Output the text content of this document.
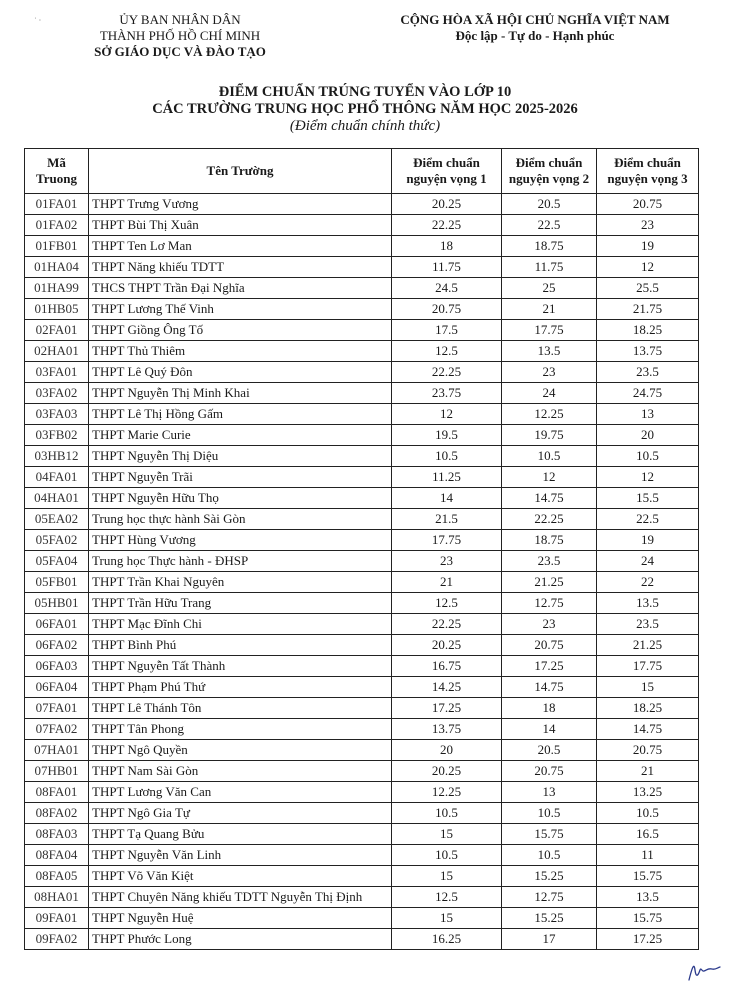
˙ ·	ỦY BAN NHÂN DÂN
THÀNH PHỐ HỒ CHÍ MINH
SỞ GIÁO DỤC VÀ ĐÀO TẠO
CỘNG HÒA XÃ HỘI CHỦ NGHĨA VIỆT NAM
Độc lập - Tự do - Hạnh phúc
ĐIỂM CHUẨN TRÚNG TUYỂN VÀO LỚP 10
CÁC TRƯỜNG TRUNG HỌC PHỔ THÔNG NĂM HỌC 2025-2026
(Điểm chuẩn chính thức)
Mã Truong	Tên Trường	Điểm chuẩn nguyện vọng 1	Điểm chuẩn nguyện vọng 2	Điểm chuẩn nguyện vọng 3
01FA01	THPT Trưng Vương	20.25	20.5	20.75
01FA02	THPT Bùi Thị Xuân	22.25	22.5	23
01FB01	THPT Ten Lơ Man	18	18.75	19
01HA04	THPT Năng khiếu TDTT	11.75	11.75	12
01HA99	THCS THPT Trần Đại Nghĩa	24.5	25	25.5
01HB05	THPT Lương Thế Vinh	20.75	21	21.75
02FA01	THPT Giồng Ông Tố	17.5	17.75	18.25
02HA01	THPT Thủ Thiêm	12.5	13.5	13.75
03FA01	THPT Lê Quý Đôn	22.25	23	23.5
03FA02	THPT Nguyễn Thị Minh Khai	23.75	24	24.75
03FA03	THPT Lê Thị Hồng Gấm	12	12.25	13
03FB02	THPT Marie Curie	19.5	19.75	20
03HB12	THPT Nguyễn Thị Diệu	10.5	10.5	10.5
04FA01	THPT Nguyễn Trãi	11.25	12	12
04HA01	THPT Nguyễn Hữu Thọ	14	14.75	15.5
05EA02	Trung học thực hành Sài Gòn	21.5	22.25	22.5
05FA02	THPT Hùng Vương	17.75	18.75	19
05FA04	Trung học Thực hành - ĐHSP	23	23.5	24
05FB01	THPT Trần Khai Nguyên	21	21.25	22
05HB01	THPT Trần Hữu Trang	12.5	12.75	13.5
06FA01	THPT Mạc Đĩnh Chi	22.25	23	23.5
06FA02	THPT Bình Phú	20.25	20.75	21.25
06FA03	THPT Nguyễn Tất Thành	16.75	17.25	17.75
06FA04	THPT Phạm Phú Thứ	14.25	14.75	15
07FA01	THPT Lê Thánh Tôn	17.25	18	18.25
07FA02	THPT Tân Phong	13.75	14	14.75
07HA01	THPT Ngô Quyền	20	20.5	20.75
07HB01	THPT Nam Sài Gòn	20.25	20.75	21
08FA01	THPT Lương Văn Can	12.25	13	13.25
08FA02	THPT Ngô Gia Tự	10.5	10.5	10.5
08FA03	THPT Tạ Quang Bửu	15	15.75	16.5
08FA04	THPT Nguyễn Văn Linh	10.5	10.5	11
08FA05	THPT Võ Văn Kiệt	15	15.25	15.75
08HA01	THPT Chuyên Năng khiếu TDTT Nguyễn Thị Định	12.5	12.75	13.5
09FA01	THPT Nguyễn Huệ	15	15.25	15.75
09FA02	THPT Phước Long	16.25	17	17.25
